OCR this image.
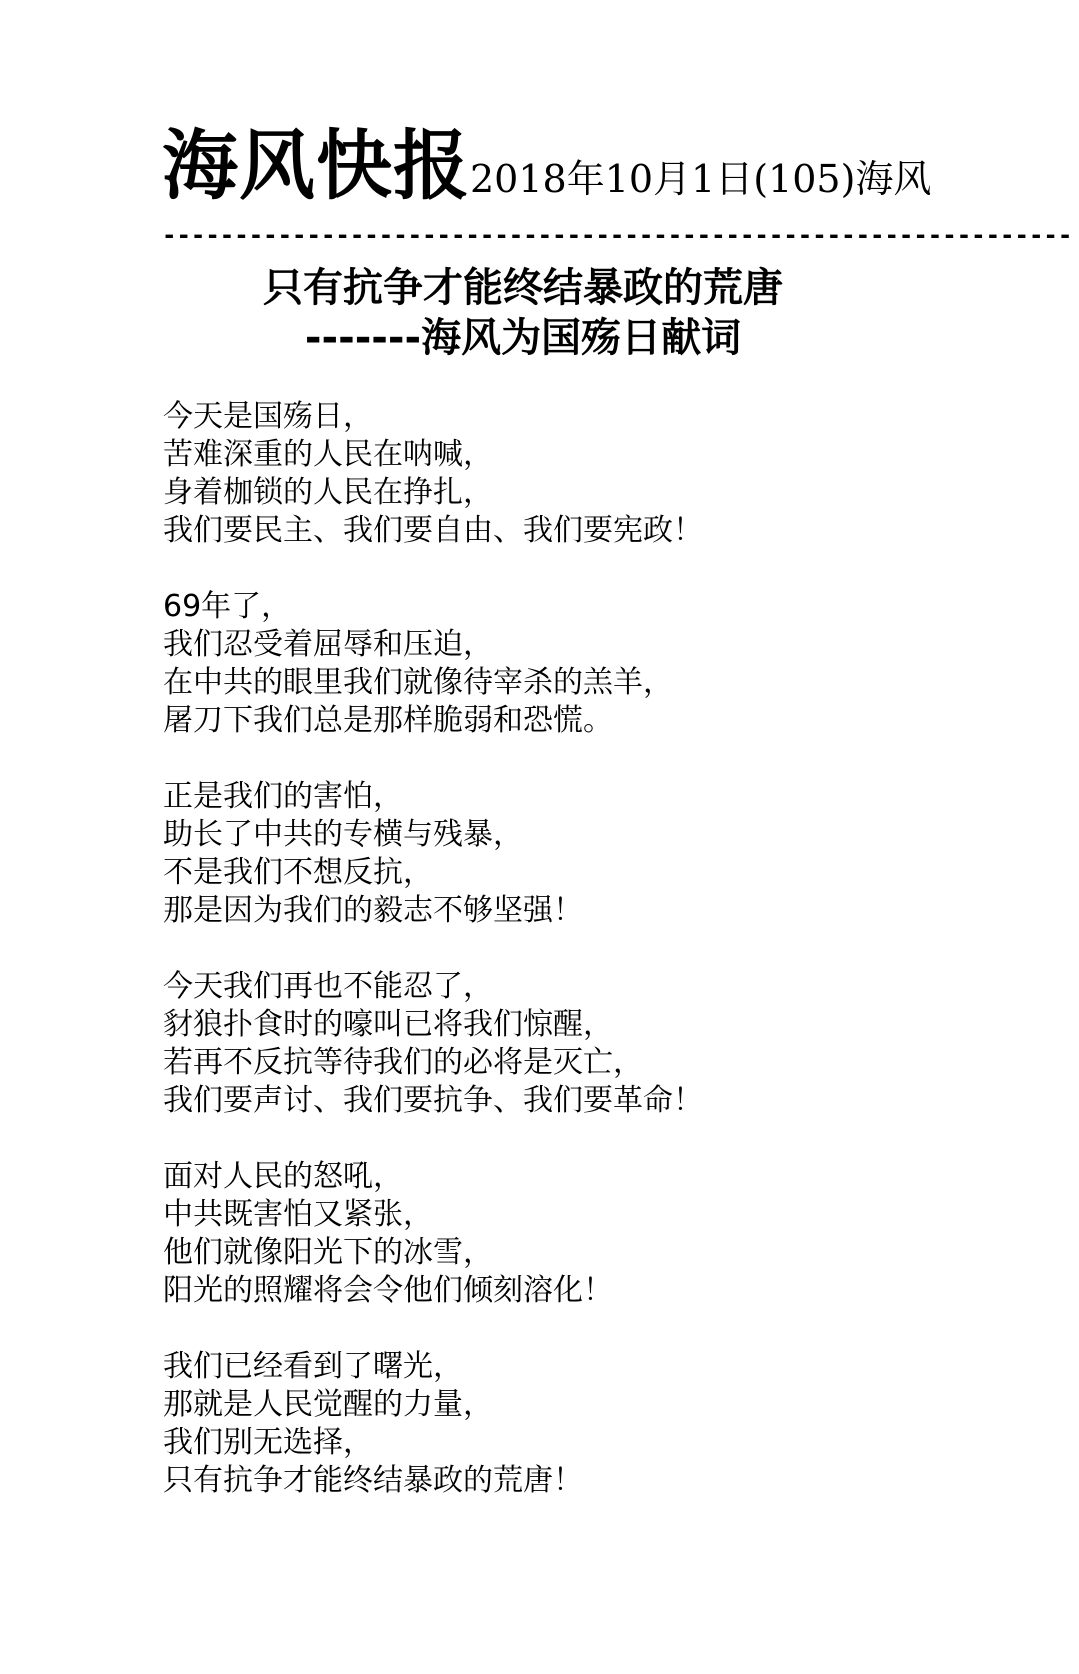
海风快报2018年10月1日(105)海风
---------------------------------------------------------------
只有抗争才能终结暴政的荒唐
-------海风为国殇日献词
今天是国殇日，
苦难深重的人民在呐喊，
身着枷锁的人民在挣扎，
我们要民主、我们要自由、我们要宪政！
69年了，
我们忍受着屈辱和压迫，
在中共的眼里我们就像待宰杀的羔羊，
屠刀下我们总是那样脆弱和恐慌。
正是我们的害怕，
助长了中共的专横与残暴，
不是我们不想反抗，
那是因为我们的毅志不够坚强！
今天我们再也不能忍了，
豺狼扑食时的嚎叫已将我们惊醒，
若再不反抗等待我们的必将是灭亡，
我们要声讨、我们要抗争、我们要革命！
面对人民的怒吼，
中共既害怕又紧张，
他们就像阳光下的冰雪，
阳光的照耀将会令他们倾刻溶化！
我们已经看到了曙光，
那就是人民觉醒的力量，
我们别无选择，
只有抗争才能终结暴政的荒唐！
